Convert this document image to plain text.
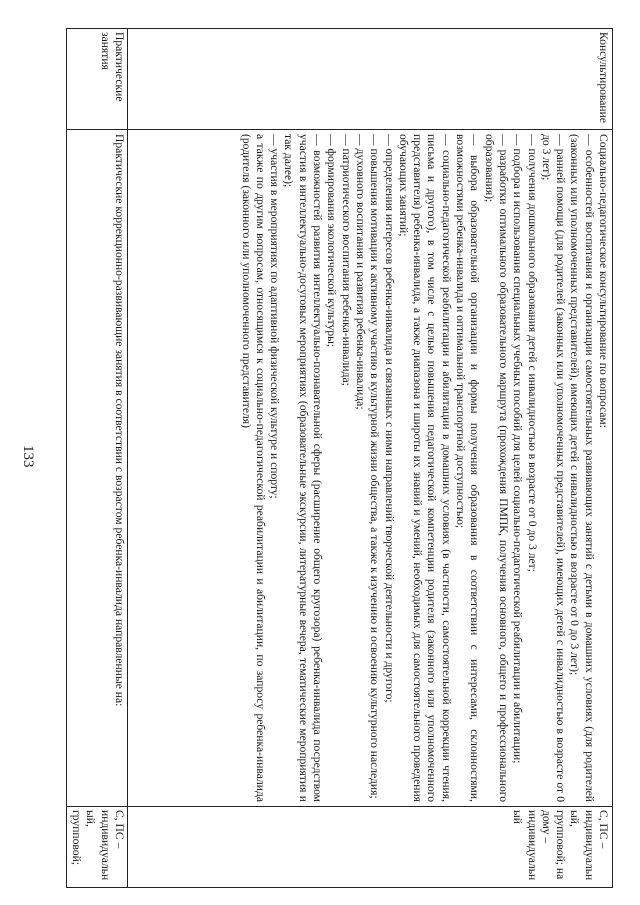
133
Консультирование

Социально-педагогическое консультирование по вопросам:

— особенностей воспитания и организации самостоятельных развивающих занятий с детьми в домашних условиях (для родителей (законных или уполномоченных представителей), имеющих детей с инвалидностью в возрасте от 0 до 3 лет);

— ранней помощи (для родителей (законных или уполномоченных представителей), имеющих детей с инвалидностью в возрасте от 0 до 3 лет);

— получения дошкольного образования детей с инвалидностью в возрасте от 0 до 3 лет;

— подбора и использования специальных учебных пособий для целей социально-педагогической реабилитации и абилитации;

— разработки оптимального образовательного маршрута (прохождения ПМПК, получения основного, общего и профессионального образования);

— выбора образовательной организации и формы получения образования в соответствии с интересами, склонностями, возможностями ребенка-инвалида и оптимальной транспортной доступностью;

— социально-педагогической реабилитации и абилитации в домашних условиях (в частности, самостоятельной коррекции чтения, письма и другого), в том числе с целью повышения педагогической компетенции родителя (законного или уполномоченного представителя) ребенка-инвалида, а также диапазона и широты их знаний и умений, необходимых для самостоятельного проведения обучающих занятий;

— определения интересов ребенка-инвалида и связанных с ними направлений творческой деятельности и другого;

— повышения мотивации к активному участию в культурной жизни общества, а также к изучению и освоению культурного наследия;

— духовного воспитания и развития ребенка-инвалида;

— патриотического воспитания ребенка-инвалида;

— формирования экологической культуры;

— возможностей развития интеллектуально-познавательной сферы (расширение общего кругозора) ребенка-инвалида посредством участия в интеллектуально-досуговых мероприятиях (образовательные экскурсии, литературные вечера, тематические мероприятия и так далее);

— участия в мероприятиях по адаптивной физической культуре и спорту;

а также по другим вопросам, относящимся к социально-педагогической реабилитации и абилитации, по запросу ребенка-инвалида (родителя (законного или уполномоченного представителя)

С, ПС – индивидуальный, групповой; на дому – индивидуальный
Практические занятия

Практические коррекционно-развивающие занятия в соответствии с возрастом ребенка-инвалида направленные на:

С, ПС – индивидуальный, групповой;
